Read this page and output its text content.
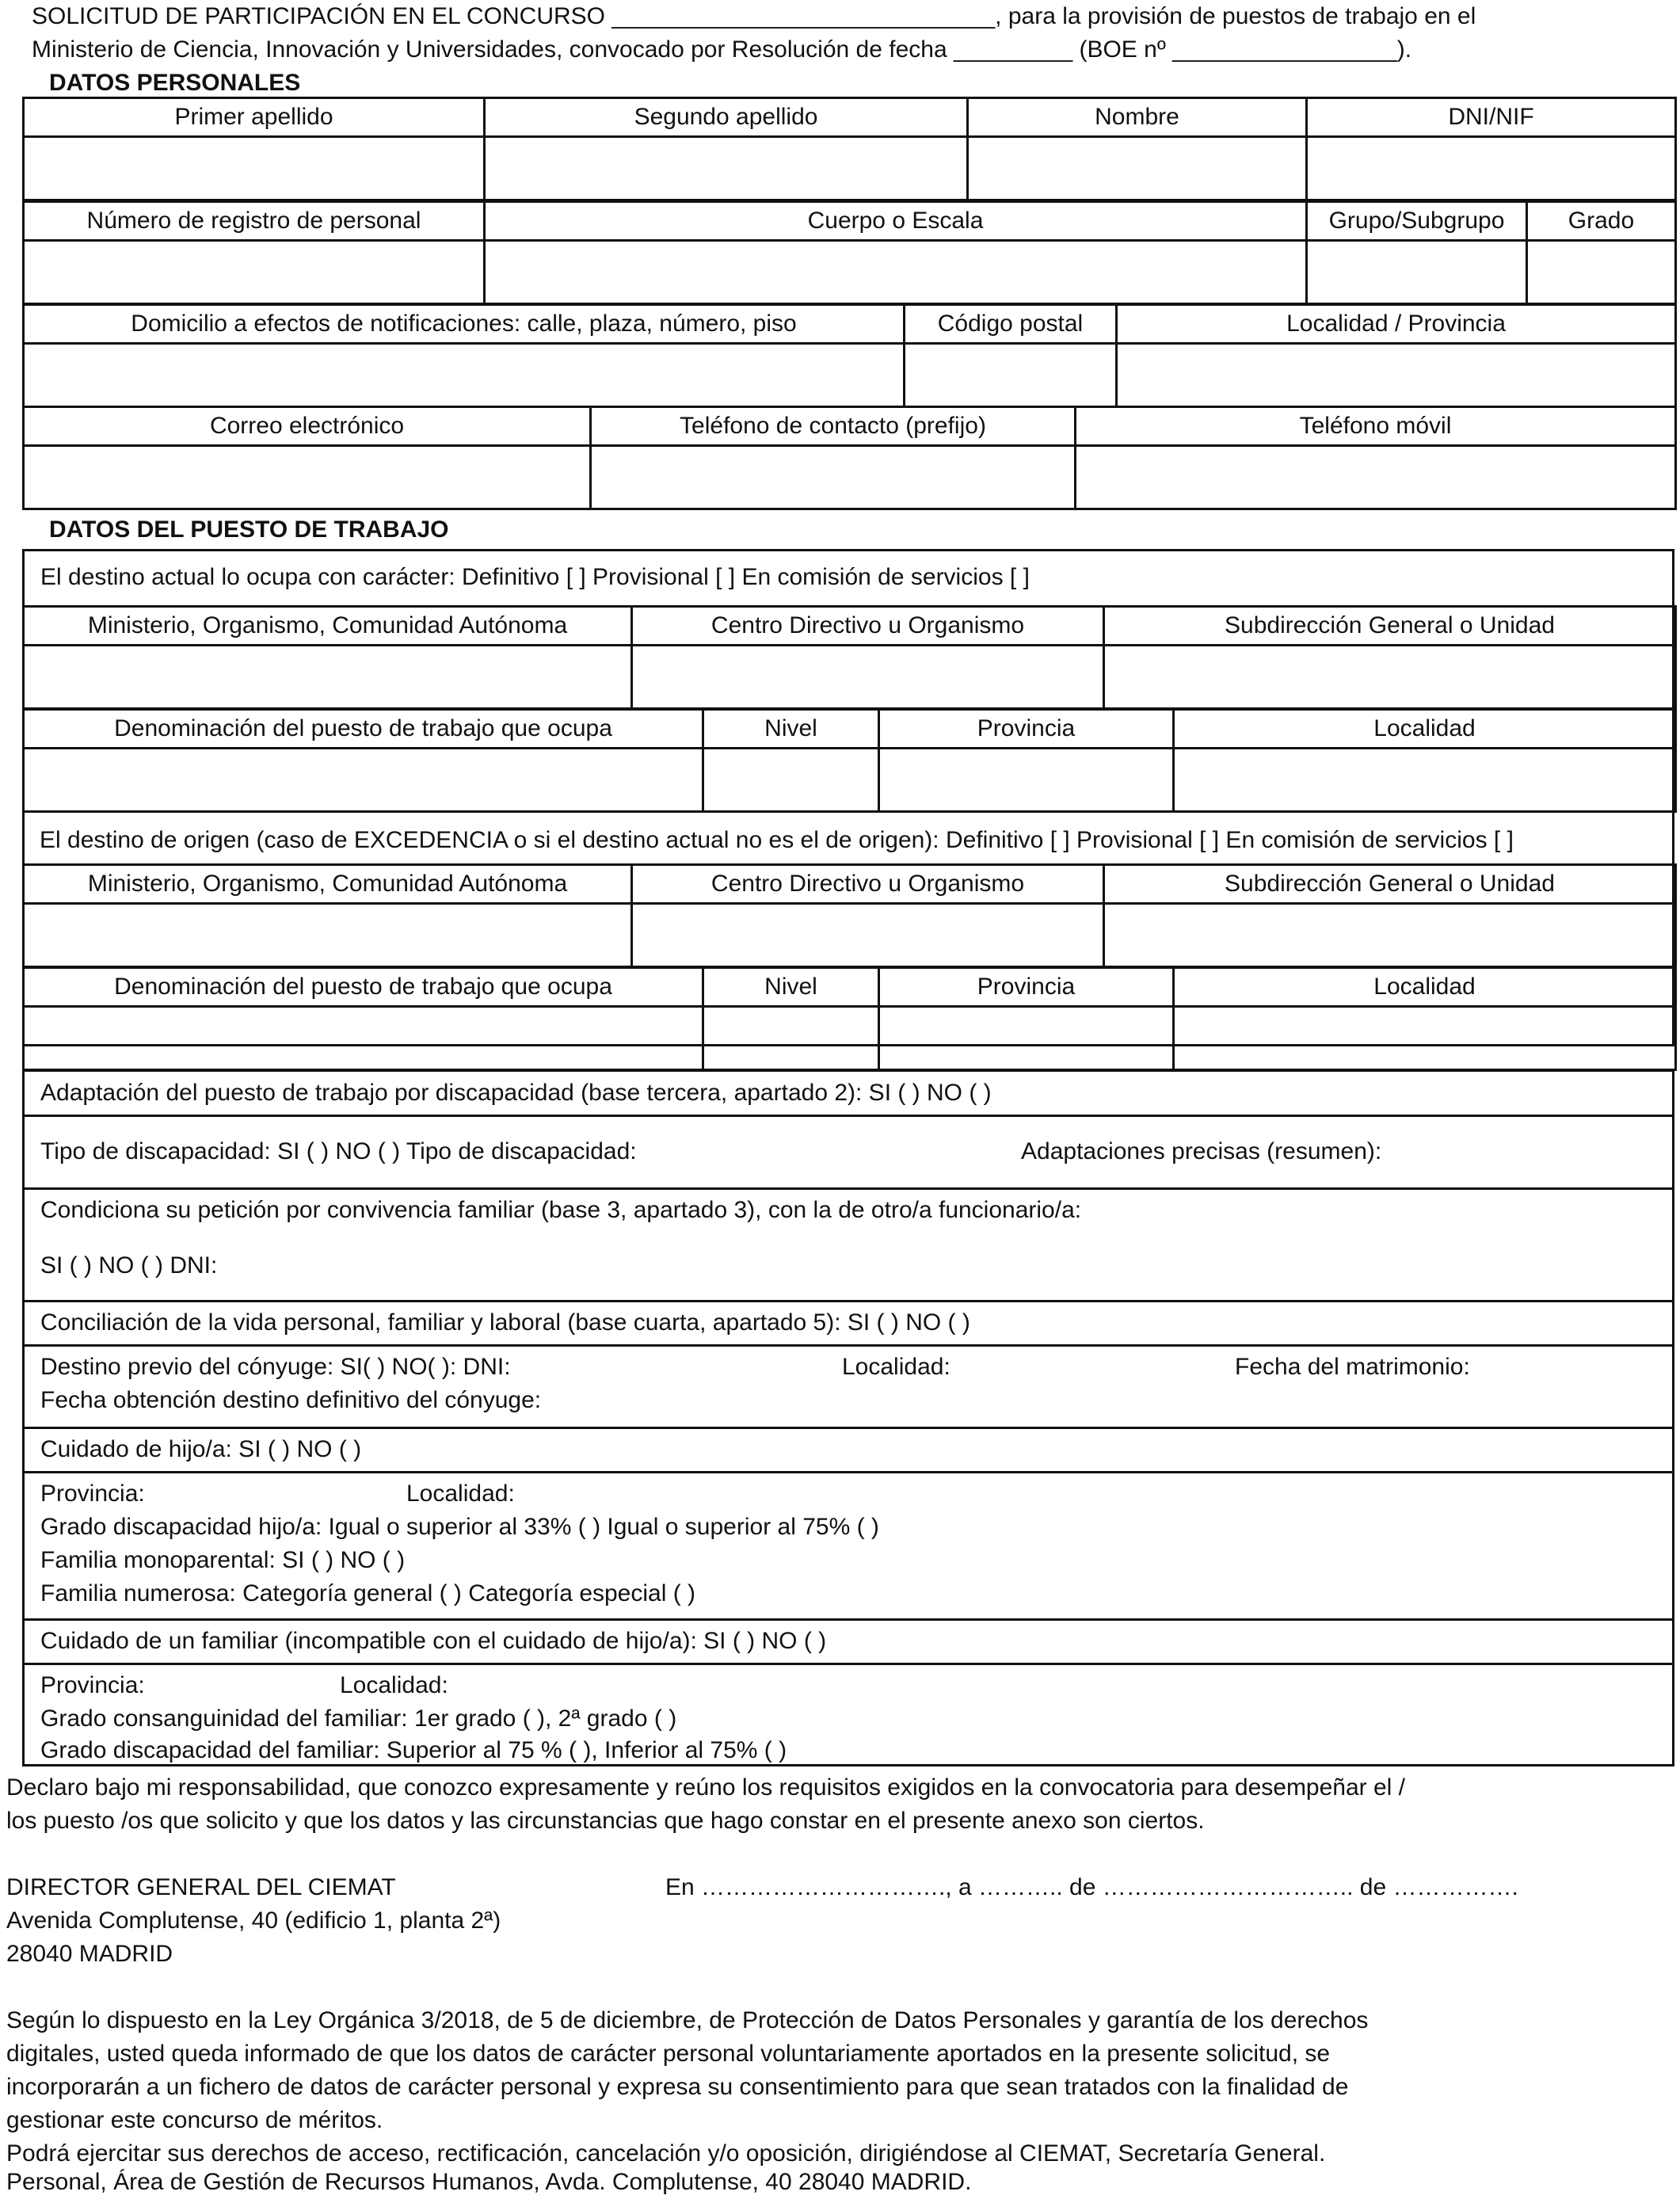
SOLICITUD DE PARTICIPACIÓN EN EL CONCURSO _____________________________, para la provisión de puestos de trabajo en el
Ministerio de Ciencia, Innovación y Universidades, convocado por Resolución de fecha _________ (BOE nº _________________).
DATOS PERSONALES
Primer apellido	Segundo apellido	Nombre	DNI/NIF

Número de registro de personal	Cuerpo o Escala	Grupo/Subgrupo	Grado

Domicilio a efectos de notificaciones: calle, plaza, número, piso	Código postal	Localidad / Provincia

Correo electrónico	Teléfono de contacto (prefijo)	Teléfono móvil

DATOS DEL PUESTO DE TRABAJO
El destino actual lo ocupa con carácter: Definitivo [ ] Provisional [ ] En comisión de servicios [ ]
Ministerio, Organismo, Comunidad Autónoma	Centro Directivo u Organismo	Subdirección General o Unidad

Denominación del puesto de trabajo que ocupa	Nivel	Provincia	Localidad

El destino de origen (caso de EXCEDENCIA o si el destino actual no es el de origen): Definitivo [ ] Provisional [ ] En comisión de servicios [ ]
Ministerio, Organismo, Comunidad Autónoma	Centro Directivo u Organismo	Subdirección General o Unidad

Denominación del puesto de trabajo que ocupa	Nivel	Provincia	Localidad

Adaptación del puesto de trabajo por discapacidad (base tercera, apartado 2): SI ( ) NO ( )
Tipo de discapacidad: SI ( ) NO ( ) Tipo de discapacidad:	Adaptaciones precisas (resumen):
Condiciona su petición por convivencia familiar (base 3, apartado 3), con la de otro/a funcionario/a:
SI ( ) NO ( ) DNI:
Conciliación de la vida personal, familiar y laboral (base cuarta, apartado 5): SI ( ) NO ( )
Destino previo del cónyuge: SI( ) NO( ): DNI:	Localidad:	Fecha del matrimonio:
Fecha obtención destino definitivo del cónyuge:
Cuidado de hijo/a: SI ( ) NO ( )
Provincia:	Localidad:
Grado discapacidad hijo/a: Igual o superior al 33% ( ) Igual o superior al 75% ( )
Familia monoparental: SI ( ) NO ( )
Familia numerosa: Categoría general ( ) Categoría especial ( )
Cuidado de un familiar (incompatible con el cuidado de hijo/a): SI ( ) NO ( )
Provincia:	Localidad:
Grado consanguinidad del familiar: 1er grado ( ), 2ª grado ( )
Grado discapacidad del familiar: Superior al 75 % ( ), Inferior al 75% ( )
Declaro bajo mi responsabilidad, que conozco expresamente y reúno los requisitos exigidos en la convocatoria para desempeñar el /
los puesto /os que solicito y que los datos y las circunstancias que hago constar en el presente anexo son ciertos.
DIRECTOR GENERAL DEL CIEMAT
Avenida Complutense, 40 (edificio 1, planta 2ª)
28040 MADRID
En …………………………., a ……….. de ………………………….. de …………….
Según lo dispuesto en la Ley Orgánica 3/2018, de 5 de diciembre, de Protección de Datos Personales y garantía de los derechos
digitales, usted queda informado de que los datos de carácter personal voluntariamente aportados en la presente solicitud, se
incorporarán a un fichero de datos de carácter personal y expresa su consentimiento para que sean tratados con la finalidad de
gestionar este concurso de méritos.
Podrá ejercitar sus derechos de acceso, rectificación, cancelación y/o oposición, dirigiéndose al CIEMAT, Secretaría General.
Personal, Área de Gestión de Recursos Humanos, Avda. Complutense, 40 28040 MADRID.
